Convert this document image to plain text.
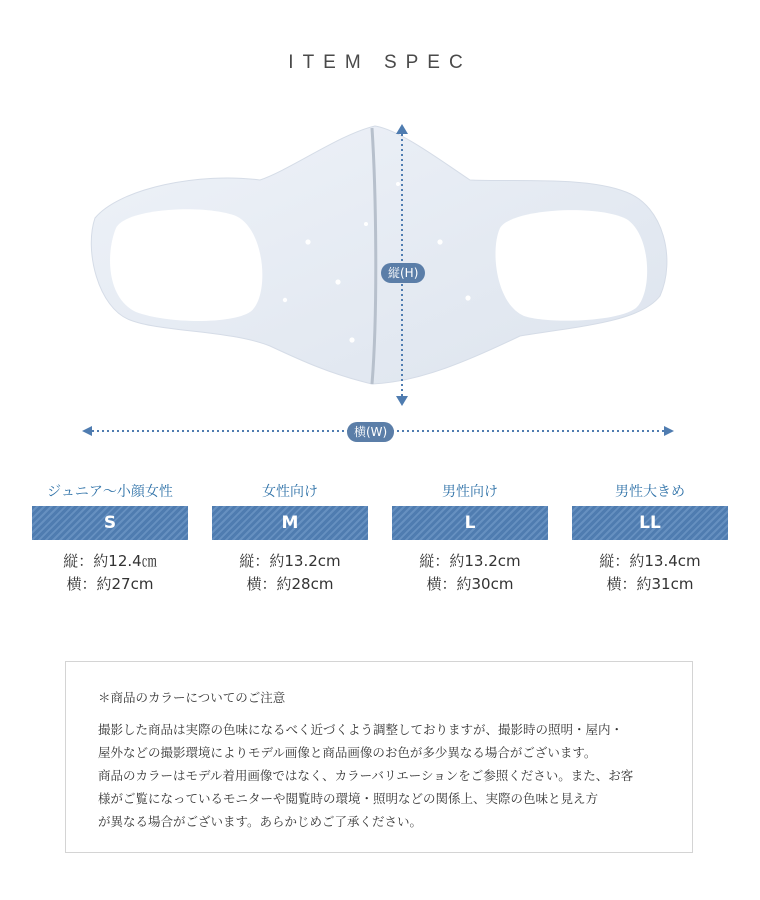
ITEM SPEC
縦(H)
横(W)
ジュニア〜小顔女性
S
縦：約12.4㎝
横：約27cm
女性向け
M
縦：約13.2cm
横：約28cm
男性向け
L
縦：約13.2cm
横：約30cm
男性大きめ
LL
縦：約13.4cm
横：約31cm
＊商品のカラーについてのご注意
撮影した商品は実際の色味になるべく近づくよう調整しておりますが、撮影時の照明・屋内・
屋外などの撮影環境によりモデル画像と商品画像のお色が多少異なる場合がございます。
商品のカラーはモデル着用画像ではなく、カラーバリエーションをご参照ください。また、お客
様がご覧になっているモニターや閲覧時の環境・照明などの関係上、実際の色味と見え方
が異なる場合がございます。あらかじめご了承ください。
